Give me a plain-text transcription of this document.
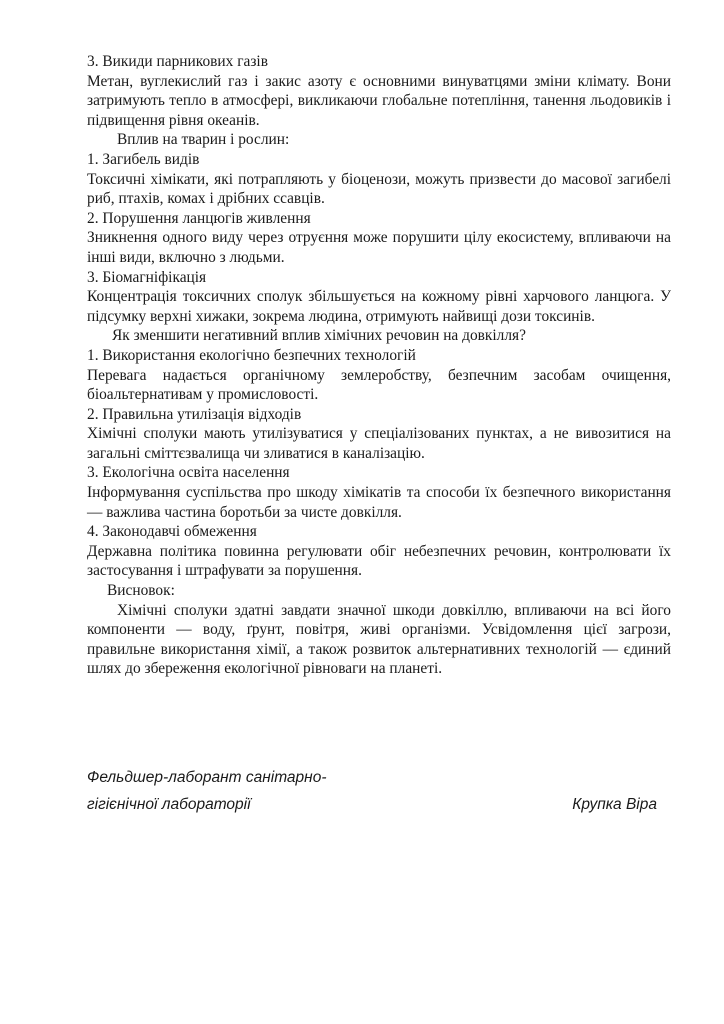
3. Викиди парникових газів

Метан, вуглекислий газ і закис азоту є основними винуватцями зміни клімату. Вони затримують тепло в атмосфері, викликаючи глобальне потепління, танення льодовиків і підвищення рівня океанів.

Вплив на тварин і рослин:

1. Загибель видів

Токсичні хімікати, які потрапляють у біоценози, можуть призвести до масової загибелі риб, птахів, комах і дрібних ссавців.

2. Порушення ланцюгів живлення

Зникнення одного виду через отруєння може порушити цілу екосистему, впливаючи на інші види, включно з людьми.

3. Біомагніфікація

Концентрація токсичних сполук збільшується на кожному рівні харчового ланцюга. У підсумку верхні хижаки, зокрема людина, отримують найвищі дози токсинів.

Як зменшити негативний вплив хімічних речовин на довкілля?

1. Використання екологічно безпечних технологій

Перевага надається органічному землеробству, безпечним засобам очищення, біоальтернативам у промисловості.

2. Правильна утилізація відходів

Хімічні сполуки мають утилізуватися у спеціалізованих пунктах, а не вивозитися на загальні сміттєзвалища чи зливатися в каналізацію.

3. Екологічна освіта населення

Інформування суспільства про шкоду хімікатів та способи їх безпечного використання — важлива частина боротьби за чисте довкілля.

4. Законодавчі обмеження

Державна політика повинна регулювати обіг небезпечних речовин, контролювати їх застосування і штрафувати за порушення.

Висновок:

Хімічні сполуки здатні завдати значної шкоди довкіллю, впливаючи на всі його компоненти — воду, ґрунт, повітря, живі організми. Усвідомлення цієї загрози, правильне використання хімії, а також розвиток альтернативних технологій — єдиний шлях до збереження екологічної рівноваги на планеті.

Фельдшер-лаборант санітарно-
гігієнічної лабораторії	Крупка Віра
